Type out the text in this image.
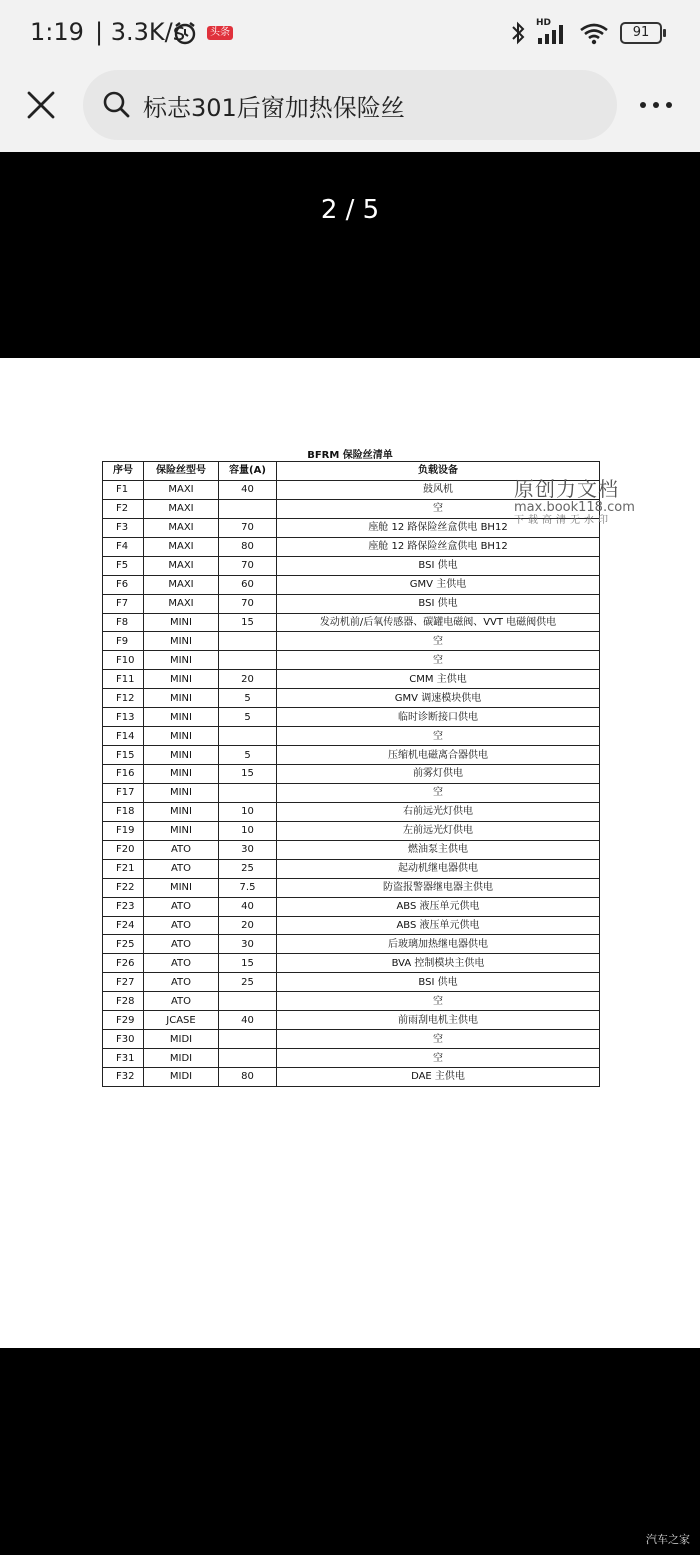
1:19 | 3.3K/s	头条
HD
91
标志301后窗加热保险丝
2 / 5
BFRM 保险丝清单
序号	保险丝型号	容量(A)	负载设备
F1	MAXI	40	鼓风机
F2	MAXI		空
F3	MAXI	70	座舱 12 路保险丝盒供电 BH12
F4	MAXI	80	座舱 12 路保险丝盒供电 BH12
F5	MAXI	70	BSI 供电
F6	MAXI	60	GMV 主供电
F7	MAXI	70	BSI 供电
F8	MINI	15	发动机前/后氧传感器、碳罐电磁阀、VVT 电磁阀供电
F9	MINI		空
F10	MINI		空
F11	MINI	20	CMM 主供电
F12	MINI	5	GMV 调速模块供电
F13	MINI	5	临时诊断接口供电
F14	MINI		空
F15	MINI	5	压缩机电磁离合器供电
F16	MINI	15	前雾灯供电
F17	MINI		空
F18	MINI	10	右前远光灯供电
F19	MINI	10	左前远光灯供电
F20	ATO	30	燃油泵主供电
F21	ATO	25	起动机继电器供电
F22	MINI	7.5	防盗报警器继电器主供电
F23	ATO	40	ABS 液压单元供电
F24	ATO	20	ABS 液压单元供电
F25	ATO	30	后玻璃加热继电器供电
F26	ATO	15	BVA 控制模块主供电
F27	ATO	25	BSI 供电
F28	ATO		空
F29	JCASE	40	前雨刮电机主供电
F30	MIDI		空
F31	MIDI		空
F32	MIDI	80	DAE 主供电
原创力文档
max.book118.com
下载高清无水印
汽车之家
